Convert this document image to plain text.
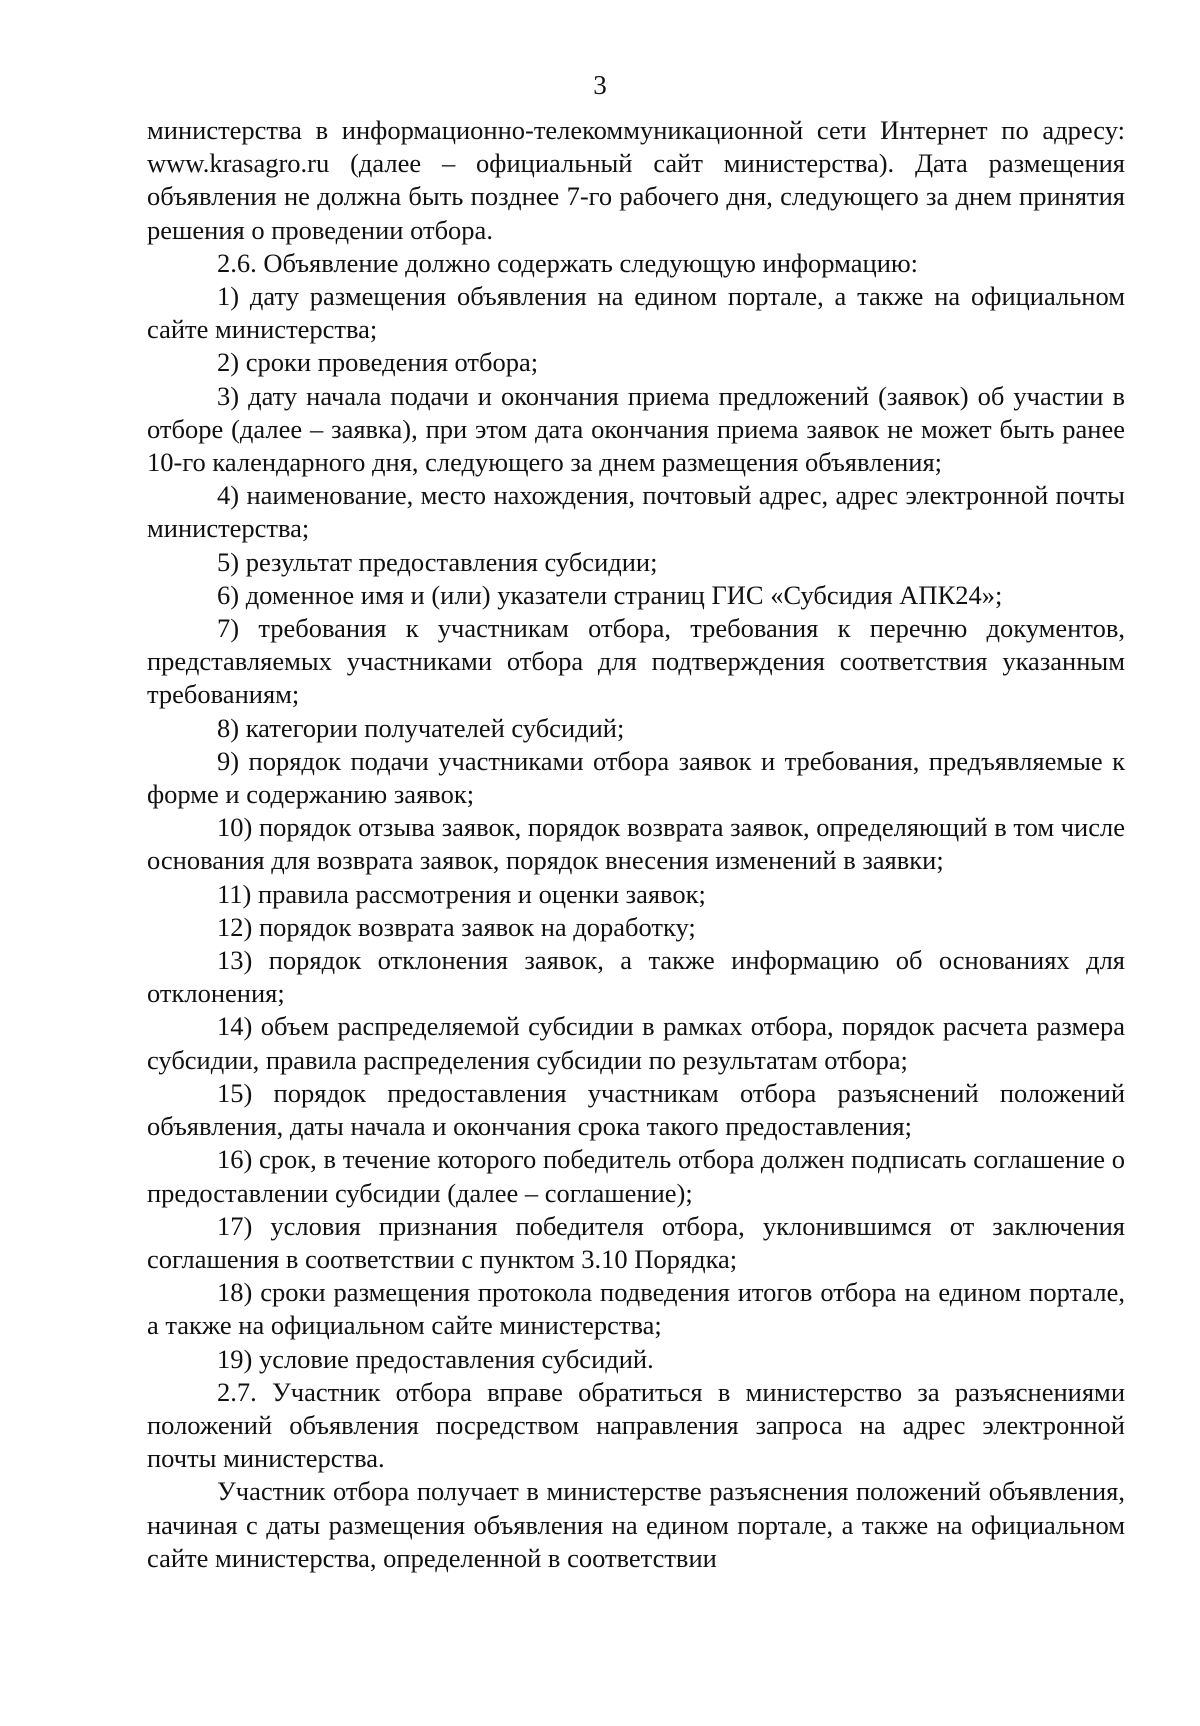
3

министерства в информационно-телекоммуникационной сети Интернет по адресу: www.krasagro.ru (далее – официальный сайт министерства). Дата размещения объявления не должна быть позднее 7-го рабочего дня, следующего за днем принятия решения о проведении отбора.

2.6. Объявление должно содержать следующую информацию:

1) дату размещения объявления на едином портале, а также на официальном сайте министерства;

2) сроки проведения отбора;

3) дату начала подачи и окончания приема предложений (заявок) об участии в отборе (далее – заявка), при этом дата окончания приема заявок не может быть ранее 10-го календарного дня, следующего за днем размещения объявления;

4) наименование, место нахождения, почтовый адрес, адрес электронной почты министерства;

5) результат предоставления субсидии;

6) доменное имя и (или) указатели страниц ГИС «Субсидия АПК24»;

7) требования к участникам отбора, требования к перечню документов, представляемых участниками отбора для подтверждения соответствия указанным требованиям;

8) категории получателей субсидий;

9) порядок подачи участниками отбора заявок и требования, предъявляемые к форме и содержанию заявок;

10) порядок отзыва заявок, порядок возврата заявок, определяющий в том числе основания для возврата заявок, порядок внесения изменений в заявки;

11) правила рассмотрения и оценки заявок;

12) порядок возврата заявок на доработку;

13) порядок отклонения заявок, а также информацию об основаниях для отклонения;

14) объем распределяемой субсидии в рамках отбора, порядок расчета размера субсидии, правила распределения субсидии по результатам отбора;

15) порядок предоставления участникам отбора разъяснений положений объявления, даты начала и окончания срока такого предоставления;

16) срок, в течение которого победитель отбора должен подписать соглашение о предоставлении субсидии (далее – соглашение);

17) условия признания победителя отбора, уклонившимся от заключения соглашения в соответствии с пунктом 3.10 Порядка;

18) сроки размещения протокола подведения итогов отбора на едином портале, а также на официальном сайте министерства;

19) условие предоставления субсидий.

2.7. Участник отбора вправе обратиться в министерство за разъяснениями положений объявления посредством направления запроса на адрес электронной почты министерства.

Участник отбора получает в министерстве разъяснения положений объявления, начиная с даты размещения объявления на едином портале, а также на официальном сайте министерства, определенной в соответствии
